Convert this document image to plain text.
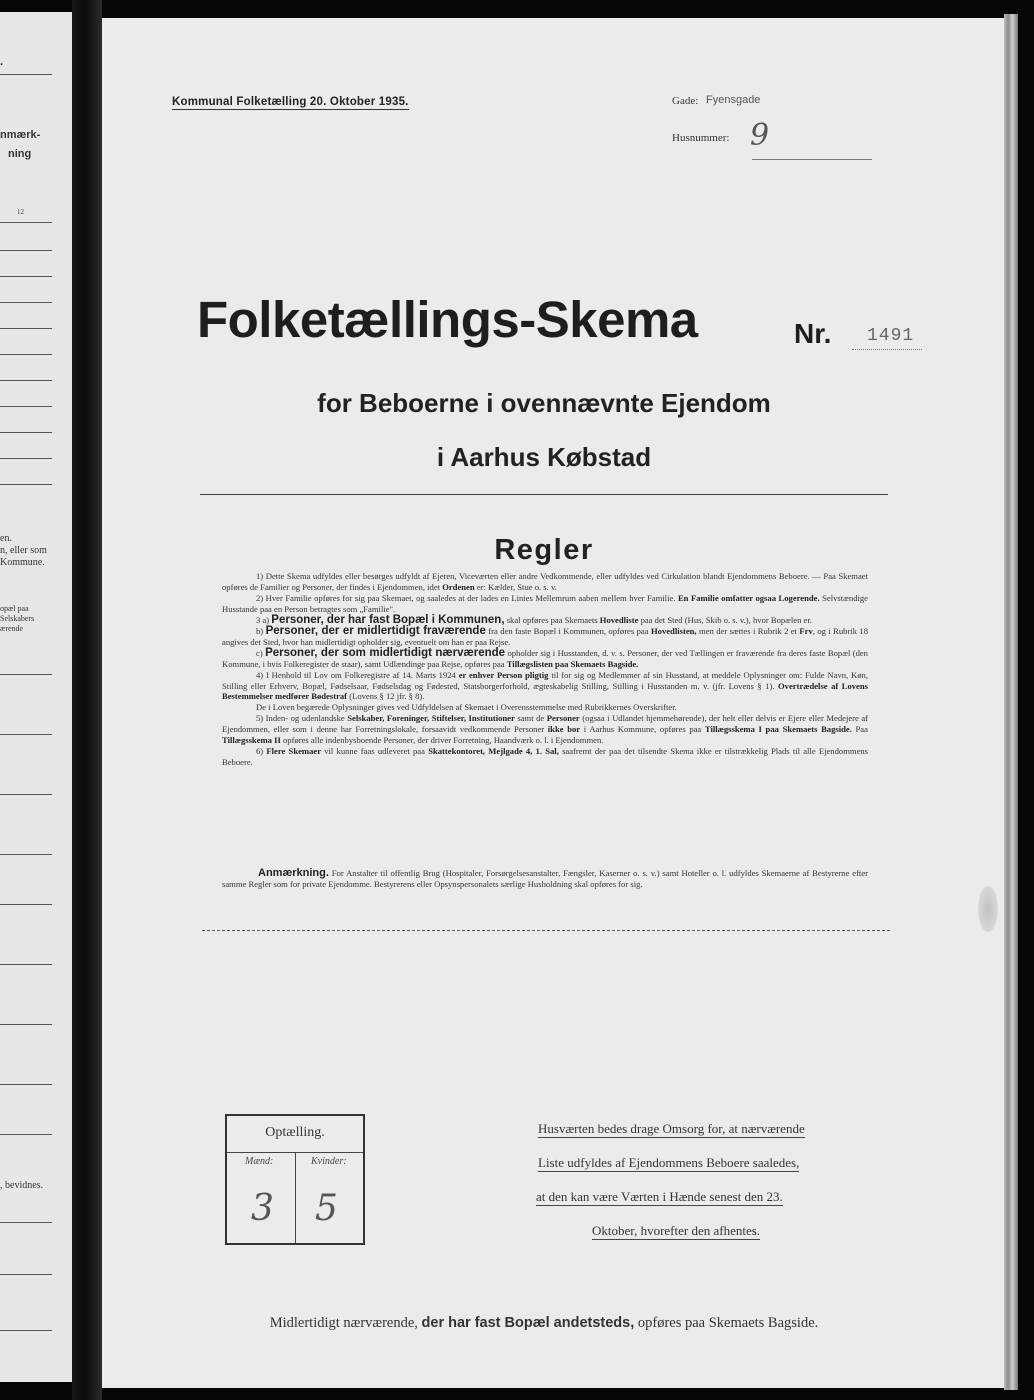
.
nmærk-
ning
12
en.
n, eller som
Kommune.
opæl paa
Selskabers
ærende
, bevidnes.
Kommunal Folketælling 20. Oktober 1935.	Gade: Fyensgade
Husnummer: 9
Folketællings-Skema	Nr. 1491
for Beboerne i ovennævnte Ejendom
i Aarhus Købstad
Regler

1) Dette Skema udfyldes eller besørges udfyldt af Ejeren, Viceværten eller andre Vedkommende, eller udfyldes ved Cirkulation blandt Ejendommens Beboere. — Paa Skemaet opføres de Familier og Personer, der findes i Ejendommen, idet Ordenen er: Kælder, Stue o. s. v.

2) Hver Familie opføres for sig paa Skemaet, og saaledes at der lades en Linies Mellemrum aaben mellem hver Familie. En Familie omfatter ogsaa Logerende. Selvstændige Husstande paa en Person betragtes som „Familie".

3 a) Personer, der har fast Bopæl i Kommunen, skal opføres paa Skemaets Hovedliste paa det Sted (Hus, Skib o. s. v.), hvor Bopælen er.

b) Personer, der er midlertidigt fraværende fra den faste Bopæl i Kommunen, opføres paa Hovedlisten, men der sættes i Rubrik 2 et Frv, og i Rubrik 18 angives det Sted, hvor han midlertidigt opholder sig, eventuelt om han er paa Rejse.

c) Personer, der som midlertidigt nærværende opholder sig i Husstanden, d. v. s. Personer, der ved Tællingen er fraværende fra deres faste Bopæl (den Kommune, i hvis Folkeregister de staar), samt Udlændinge paa Rejse, opføres paa Tillægslisten paa Skemaets Bagside.

4) I Henhold til Lov om Folkeregistre af 14. Marts 1924 er enhver Person pligtig til for sig og Medlemmer af sin Husstand, at meddele Oplysninger om: Fulde Navn, Køn, Stilling eller Erhverv, Bopæl, Fødselsaar, Fødselsdag og Fødested, Statsborgerforhold, ægteskabelig Stilling, Stilling i Husstanden m. v. (jfr. Lovens § 1). Overtrædelse af Lovens Bestemmelser medfører Bødestraf (Lovens § 12 jfr. § 8).

De i Loven begærede Oplysninger gives ved Udfyldelsen af Skemaet i Overensstemmelse med Rubrikkernes Overskrifter.

5) Inden- og udenlandske Selskaber, Foreninger, Stiftelser, Institutioner samt de Personer (ogsaa i Udlandet hjemmehørende), der helt eller delvis er Ejere eller Medejere af Ejendommen, eller som i denne har Forretningslokale, forsaavidt vedkommende Personer ikke bor i Aarhus Kommune, opføres paa Tillægsskema I paa Skemaets Bagside. Paa Tillægsskema II opføres alle indenbysboende Personer, der driver Forretning, Haandværk o. l. i Ejendommen.

6) Flere Skemaer vil kunne faas udleveret paa Skattekontoret, Mejlgade 4, 1. Sal, saafremt der paa det tilsendte Skema ikke er tilstrækkelig Plads til alle Ejendommens Beboere.

Anmærkning. For Anstalter til offentlig Brug (Hospitaler, Forsørgelsesanstalter, Fængsler, Kaserner o. s. v.) samt Hoteller o. l. udfyldes Skemaerne af Bestyrerne efter samme Regler som for private Ejendomme. Bestyrerens eller Opsynspersonalets særlige Husholdning skal opføres for sig.

Optælling.
Mænd:	Kvinder:
3 5
Husværten bedes drage Omsorg for, at nærværende
Liste udfyldes af Ejendommens Beboere saaledes,
at den kan være Værten i Hænde senest den 23.
Oktober, hvorefter den afhentes.
Midlertidigt nærværende, der har fast Bopæl andetsteds, opføres paa Skemaets Bagside.
